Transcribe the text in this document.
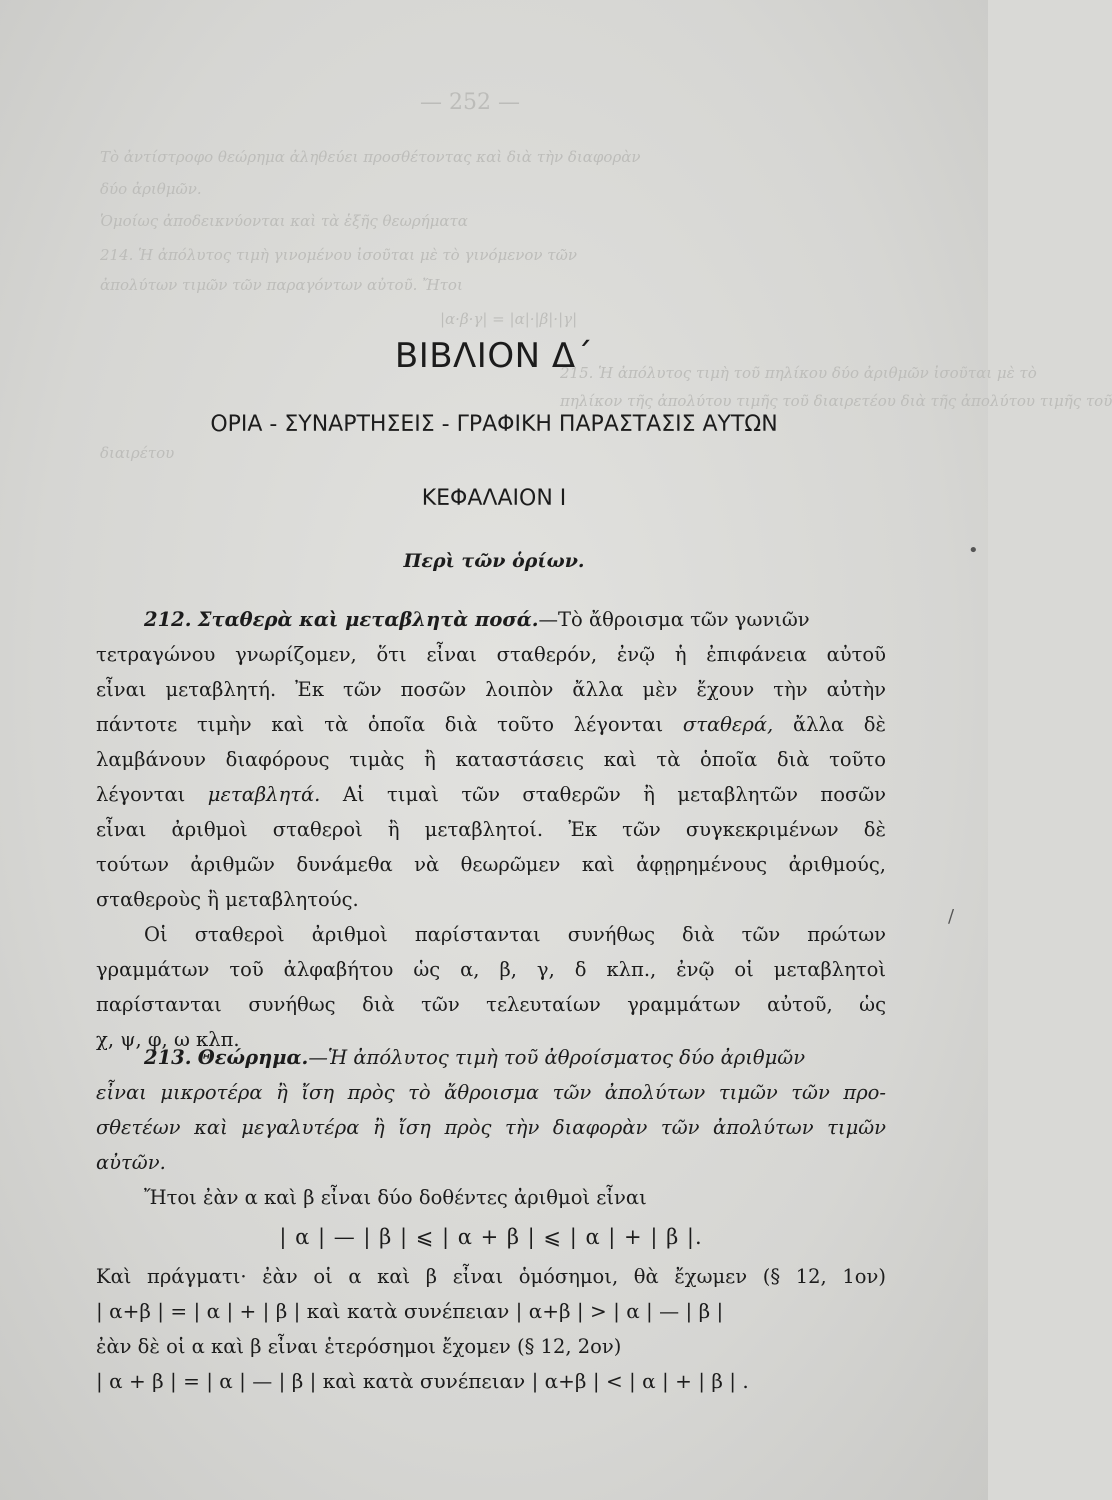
— 252 —
Τὸ ἀντίστροφο θεώρημα ἀληθεύει προσθέτοντας καὶ διὰ τὴν διαφορὰν
δύο ἀριθμῶν.
Ὁμοίως ἀποδεικνύονται καὶ τὰ ἑξῆς θεωρήματα
214. Ἡ ἀπόλυτος τιμὴ γινομένου ἰσοῦται μὲ τὸ γινόμενον τῶν
ἀπολύτων τιμῶν τῶν παραγόντων αὐτοῦ. Ἤτοι
|α·β·γ| = |α|·|β|·|γ|
215. Ἡ ἀπόλυτος τιμὴ τοῦ πηλίκου δύο ἀριθμῶν ἰσοῦται μὲ τὸ
πηλίκον τῆς ἀπολύτου τιμῆς τοῦ διαιρετέου διὰ τῆς ἀπολύτου τιμῆς τοῦ
διαιρέτου
ΒΙΒΛΙΟΝ Δ΄
ΟΡΙΑ - ΣΥΝΑΡΤΗΣΕΙΣ - ΓΡΑΦΙΚΗ ΠΑΡΑΣΤΑΣΙΣ ΑΥΤΩΝ
ΚΕΦΑΛΑΙΟΝ I
Περὶ τῶν ὁρίων.	•
/
212. Σταθερὰ καὶ μεταβλητὰ ποσά.—Τὸ ἄθροισμα τῶν γωνιῶν
τετραγώνου γνωρίζομεν, ὅτι εἶναι σταθερόν, ἐνῷ ἡ ἐπιφάνεια αὐτοῦ
εἶναι μεταβλητή. Ἐκ τῶν ποσῶν λοιπὸν ἄλλα μὲν ἔχουν τὴν αὐτὴν
πάντοτε τιμὴν καὶ τὰ ὁποῖα διὰ τοῦτο λέγονται σταθερά, ἄλλα δὲ
λαμβάνουν διαφόρους τιμὰς ἢ καταστάσεις καὶ τὰ ὁποῖα διὰ τοῦτο
λέγονται μεταβλητά. Αἱ τιμαὶ τῶν σταθερῶν ἢ μεταβλητῶν ποσῶν
εἶναι ἀριθμοὶ σταθεροὶ ἢ μεταβλητοί. Ἐκ τῶν συγκεκριμένων δὲ
τούτων ἀριθμῶν δυνάμεθα νὰ θεωρῶμεν καὶ ἀφῃρημένους ἀριθμούς,
σταθεροὺς ἢ μεταβλητούς.
Οἱ σταθεροὶ ἀριθμοὶ παρίστανται συνήθως διὰ τῶν πρώτων
γραμμάτων τοῦ ἀλφαβήτου ὡς α, β, γ, δ κλπ., ἐνῷ οἱ μεταβλητοὶ
παρίστανται συνήθως διὰ τῶν τελευταίων γραμμάτων αὐτοῦ, ὡς
χ, ψ, φ, ω κλπ.
213. Θεώρημα.—Ἡ ἀπόλυτος τιμὴ τοῦ ἀθροίσματος δύο ἀριθμῶν
εἶναι μικροτέρα ἢ ἴση πρὸς τὸ ἄθροισμα τῶν ἀπολύτων τιμῶν τῶν προ-
σθετέων καὶ μεγαλυτέρα ἢ ἴση πρὸς τὴν διαφορὰν τῶν ἀπολύτων τιμῶν
αὐτῶν.
Ἤτοι ἐὰν α καὶ β εἶναι δύο δοθέντες ἀριθμοὶ εἶναι
| α | — | β | ⩽ | α + β | ⩽ | α | + | β |.
Καὶ πράγματι· ἐὰν οἱ α καὶ β εἶναι ὁμόσημοι, θὰ ἔχωμεν (§ 12, 1ον)
| α+β | = | α | + | β | καὶ κατὰ συνέπειαν | α+β | > | α | — | β |
ἐὰν δὲ οἱ α καὶ β εἶναι ἑτερόσημοι ἔχομεν (§ 12, 2ον)
| α + β | = | α | — | β | καὶ κατὰ συνέπειαν | α+β | < | α | + | β | .
